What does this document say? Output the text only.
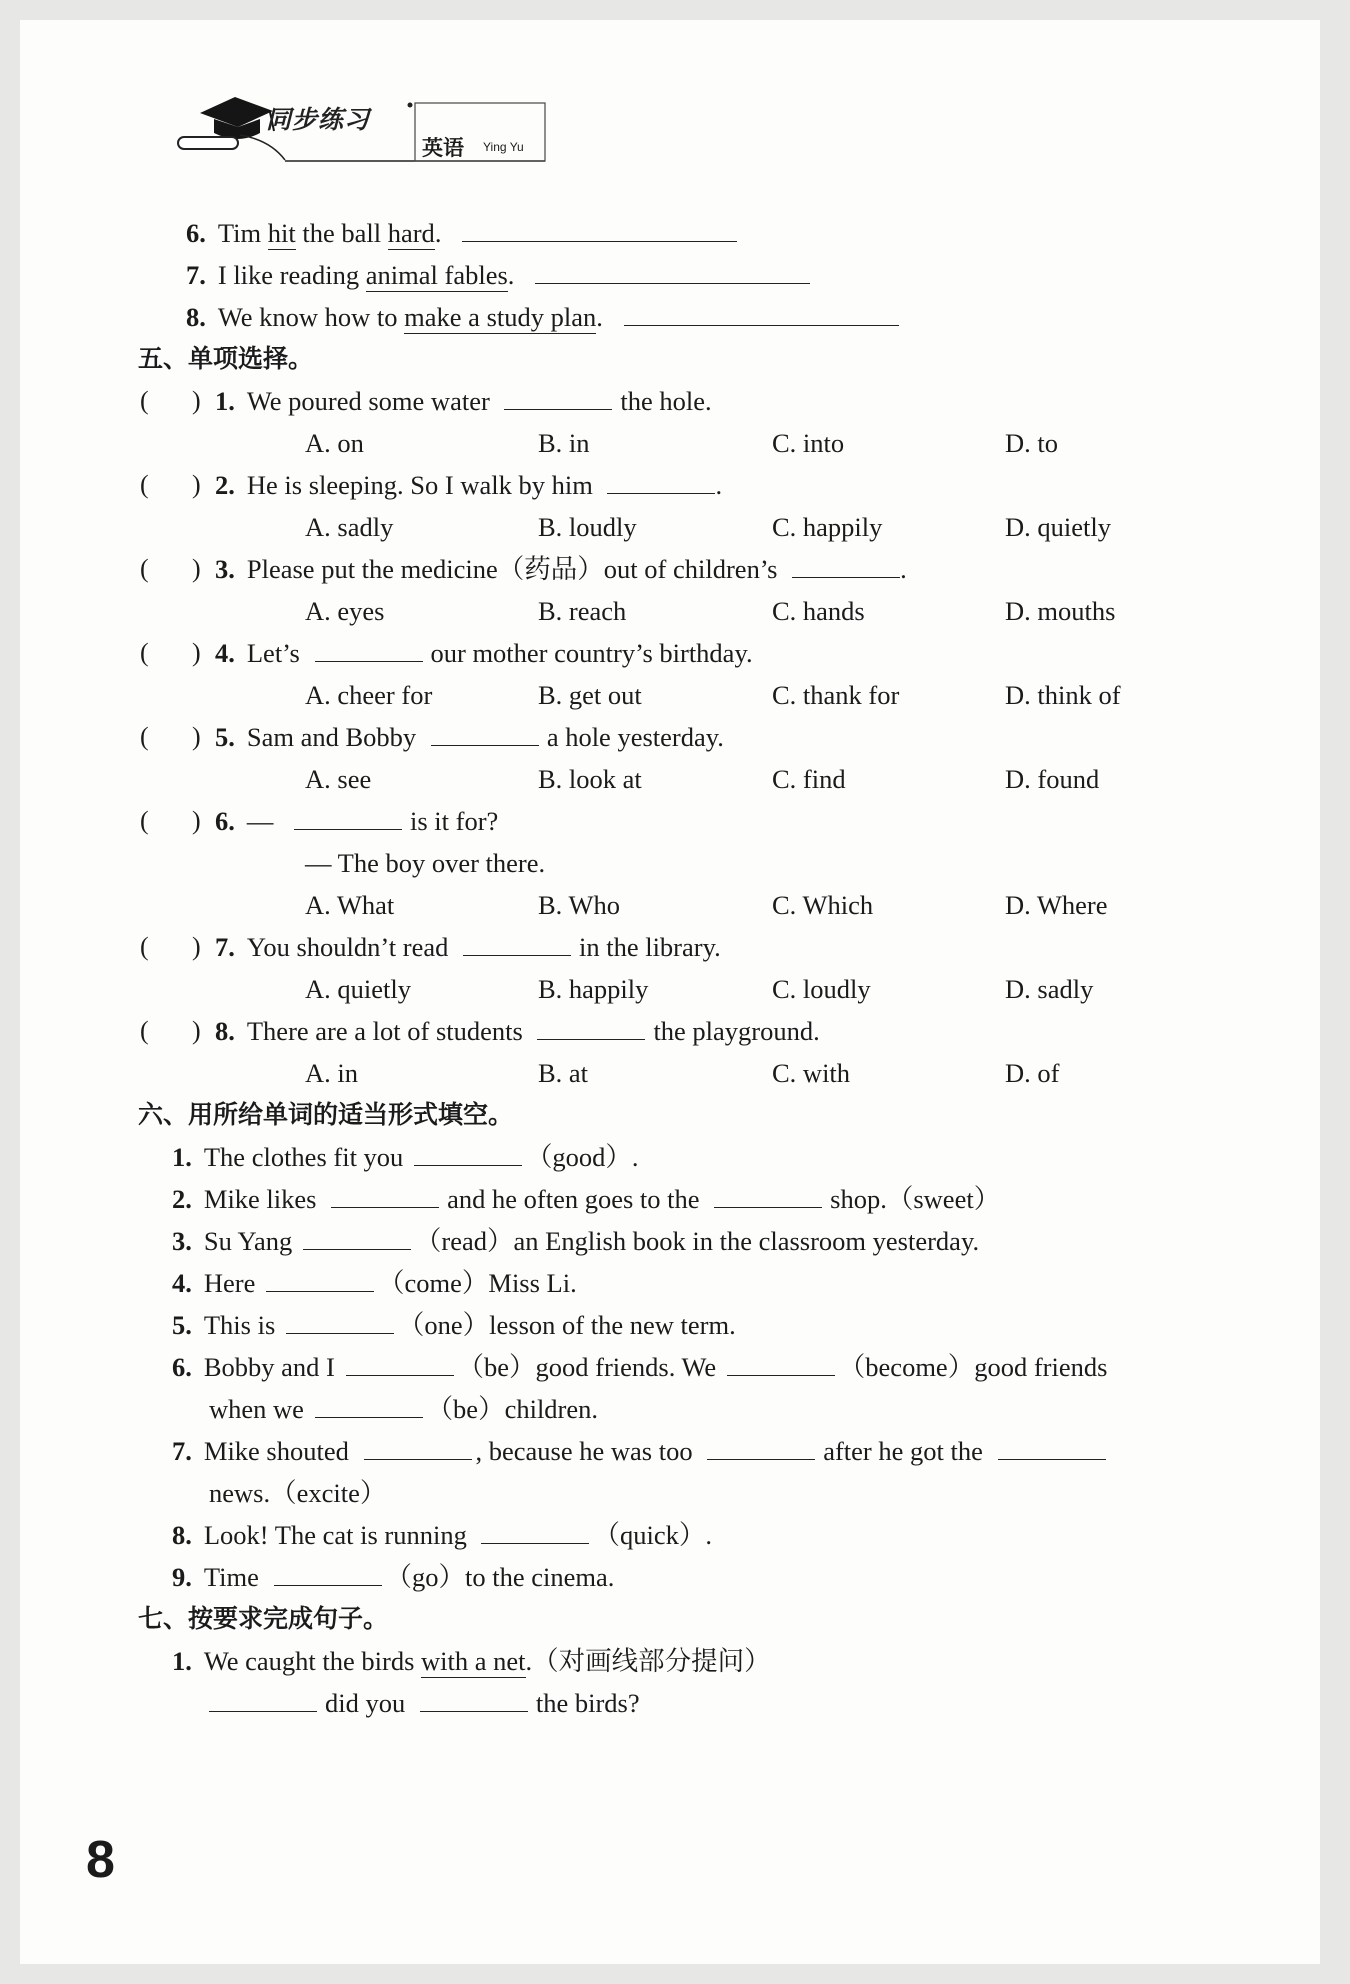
同步练习
英语 Ying Yu
6. Tim hit the ball hard.
7. I like reading animal fables.
8. We know how to make a study plan.
五、单项选择。
( ) 1. We poured some water	the hole.
A. on	B. in	C. into	D. to
( ) 2. He is sleeping. So I walk by him	.
A. sadly	B. loudly	C. happily	D. quietly
( ) 3. Please put the medicine（药品）out of children’s	.
A. eyes	B. reach	C. hands	D. mouths
( ) 4. Let’s	our mother country’s birthday.
A. cheer for	B. get out	C. thank for	D. think of
( ) 5. Sam and Bobby	a hole yesterday.
A. see	B. look at	C. find	D. found
( ) 6. —	is it for?
— The boy over there.
A. What	B. Who	C. Which	D. Where
( ) 7. You shouldn’t read	in the library.
A. quietly	B. happily	C. loudly	D. sadly
( ) 8. There are a lot of students	the playground.
A. in	B. at	C. with	D. of
六、用所给单词的适当形式填空。
1. The clothes fit you	（good）.
2. Mike likes	and he often goes to the	shop.（sweet）
3. Su Yang	（read）an English book in the classroom yesterday.
4. Here	（come）Miss Li.
5. This is	（one）lesson of the new term.
6. Bobby and I	（be）good friends. We	（become）good friends
when we	（be）children.
7. Mike shouted	, because he was too	after he got the
news.（excite）
8. Look! The cat is running	（quick）.
9. Time	（go）to the cinema.
七、按要求完成句子。
1. We caught the birds with a net.（对画线部分提问）
did you	the birds?
8
